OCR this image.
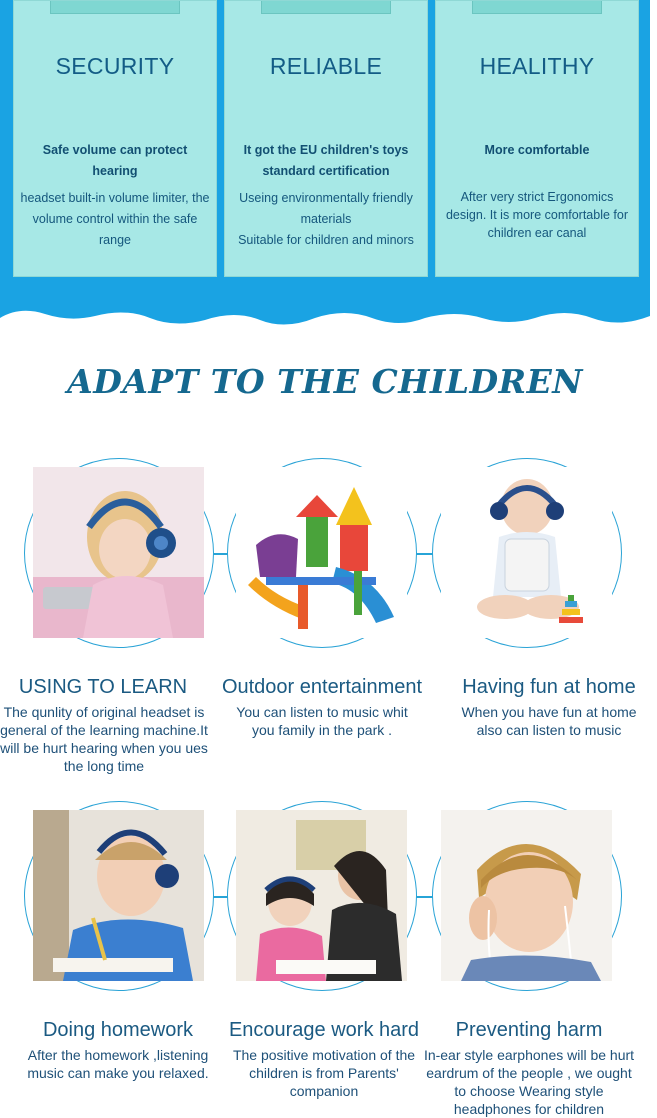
SECURITY
Safe volume can protect hearing
headset built-in volume limiter, the volume control within the safe range
RELIABLE
It got the EU children's toys standard certification
Useing environmentally friendly materials
Suitable for children and minors
HEALITHY
More comfortable
After very strict Ergonomics design. It is more comfortable for children ear canal
ADAPT TO THE CHILDREN
USING TO LEARN
The qunlity of original headset is general of the learning machine.It will be hurt hearing when you ues the long time
Outdoor entertainment
You can listen to music whit you family in the park .
Having fun at home
When you have fun at home also can listen to music
Doing homework
After the homework ,listening music can make you relaxed.
Encourage work hard
The positive motivation of the children is from Parents' companion
Preventing harm
In-ear style earphones will be hurt eardrum of the people , we ought to choose Wearing style headphones for children
